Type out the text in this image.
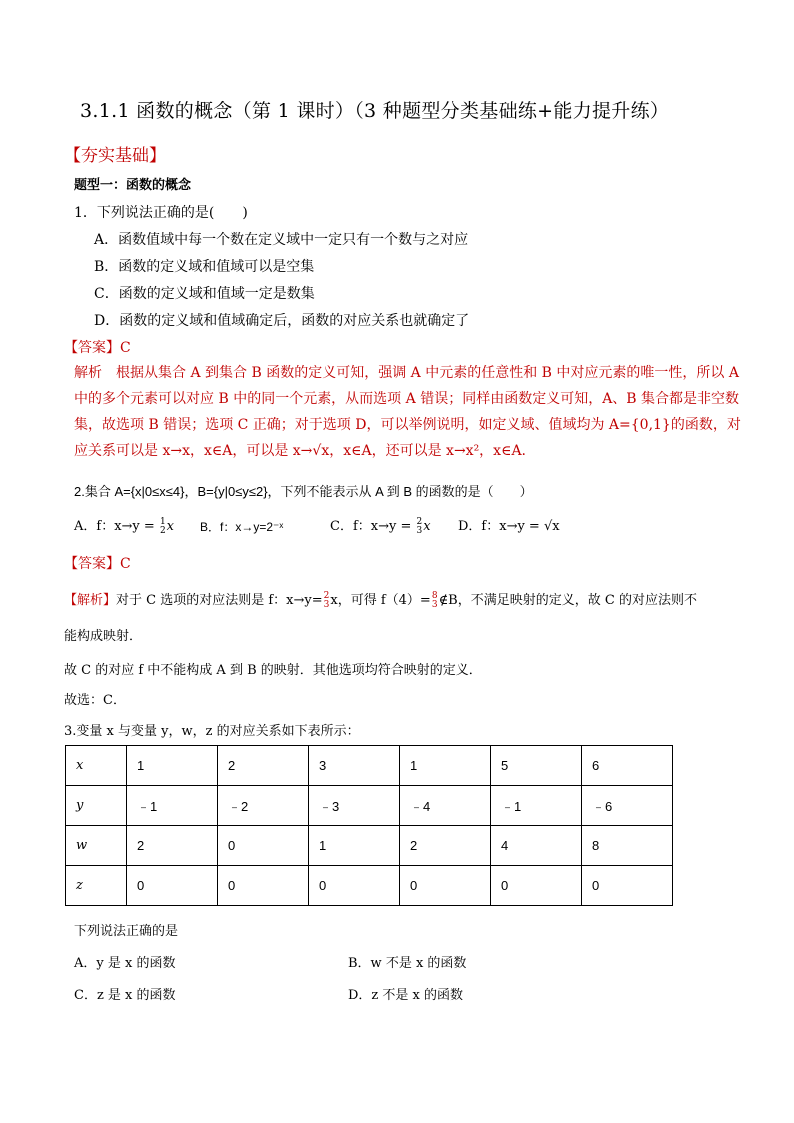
3.1.1 函数的概念（第 1 课时）（3 种题型分类基础练+能力提升练）
【夯实基础】
题型一：函数的概念
1．下列说法正确的是(　　)
A．函数值域中每一个数在定义域中一定只有一个数与之对应
B．函数的定义域和值域可以是空集
C．函数的定义域和值域一定是数集
D．函数的定义域和值域确定后，函数的对应关系也就确定了
【答案】C
解析　根据从集合 A 到集合 B 函数的定义可知，强调 A 中元素的任意性和 B 中对应元素的唯一性，所以 A
中的多个元素可以对应 B 中的同一个元素，从而选项 A 错误；同样由函数定义可知，A、B 集合都是非空数
集，故选项 B 错误；选项 C 正确；对于选项 D，可以举例说明，如定义域、值域均为 A={0,1}的函数，对
应关系可以是 x→x，x∈A，可以是 x→√x，x∈A，还可以是 x→x²，x∈A.
2.集合 A={x|0≤x≤4}，B={y|0≤y≤2}，下列不能表示从 A 到 B 的函数的是（　　）
A．f：x→y = 1
2 x B．f：x→y=2⁻ˣ	C．f：x→y = 2
3 x D．f：x→y = √x
【答案】C
【解析】对于 C 选项的对应法则是 f：x→y= 2
3 x，可得 f（4）= 8
3 ∉B，不满足映射的定义，故 C 的对应法则不
能构成映射．
故 C 的对应 f 中不能构成 A 到 B 的映射．其他选项均符合映射的定义．
故选：C．
3.变量 x 与变量 y，w，z 的对应关系如下表所示：
x	1	2	3	1	5	6
y	﹣1	﹣2	﹣3	﹣4	﹣1	﹣6
w	2	0	1	2	4	8
z	0	0	0	0	0	0
下列说法正确的是
A．y 是 x 的函数	B．w 不是 x 的函数
C．z 是 x 的函数	D．z 不是 x 的函数
